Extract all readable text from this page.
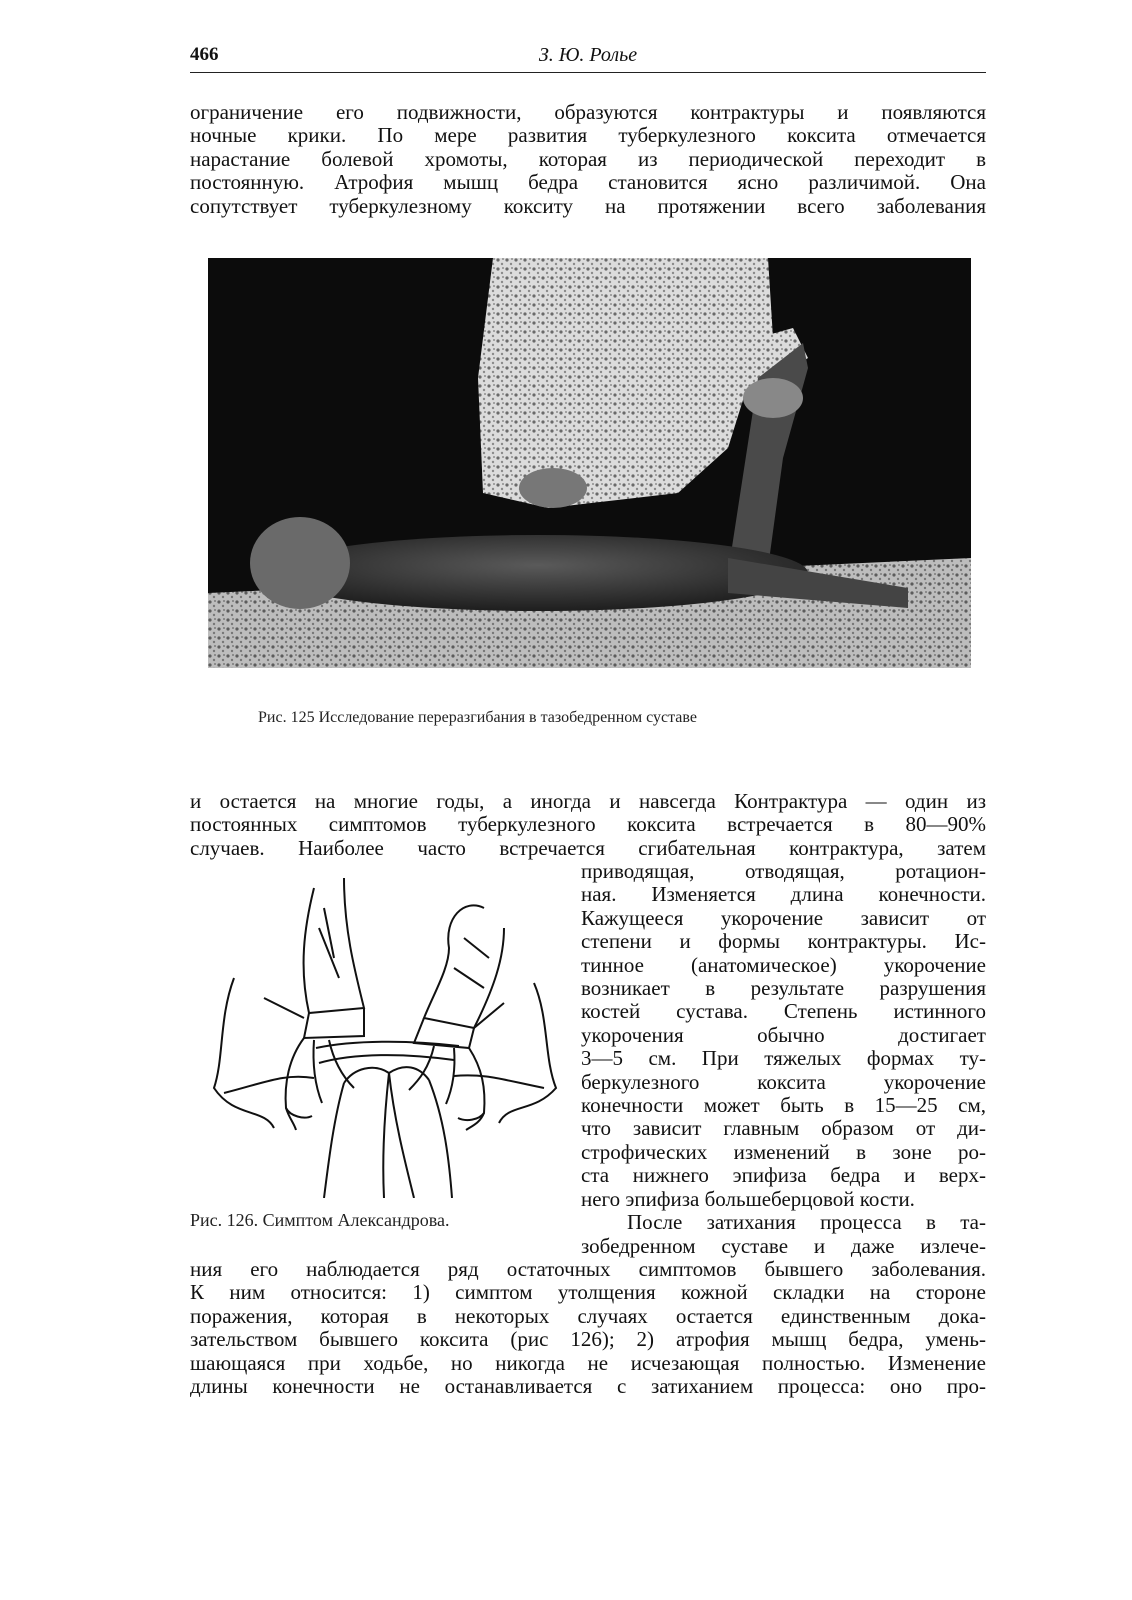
466	З. Ю. Ролье
ограничение его подвижности, образуются контрактуры и появляются
ночные крики. По мере развития туберкулезного коксита отмечается
нарастание болевой хромоты, которая из периодической переходит в
постоянную. Атрофия мышц бедра становится ясно различимой. Она
сопутствует туберкулезному кокситу на протяжении всего заболевания
Рис. 125 Исследование переразгибания в тазобедренном суставе
и остается на многие годы, а иногда и навсегда Контрактура — один из
постоянных симптомов туберкулезного коксита встречается в 80—90%
случаев. Наиболее часто встречается сгибательная контрактура, затем
Рис. 126. Симптом Александрова.
приводящая, отводящая, ротацион-
ная. Изменяется длина конечности.
Кажущееся укорочение зависит от
степени и формы контрактуры. Ис-
тинное (анатомическое) укорочение
возникает в результате разрушения
костей сустава. Степень истинного
укорочения обычно достигает
3—5 см. При тяжелых формах ту-
беркулезного коксита укорочение
конечности может быть в 15—25 см,
что зависит главным образом от ди-
строфических изменений в зоне ро-
ста нижнего эпифиза бедра и верх-
него эпифиза большеберцовой кости.
После затихания процесса в та-
зобедренном суставе и даже излече-
ния его наблюдается ряд остаточных симптомов бывшего заболевания.
К ним относится: 1) симптом утолщения кожной складки на стороне
поражения, которая в некоторых случаях остается единственным дока-
зательством бывшего коксита (рис 126); 2) атрофия мышц бедра, умень-
шающаяся при ходьбе, но никогда не исчезающая полностью. Изменение
длины конечности не останавливается с затиханием процесса: оно про-
